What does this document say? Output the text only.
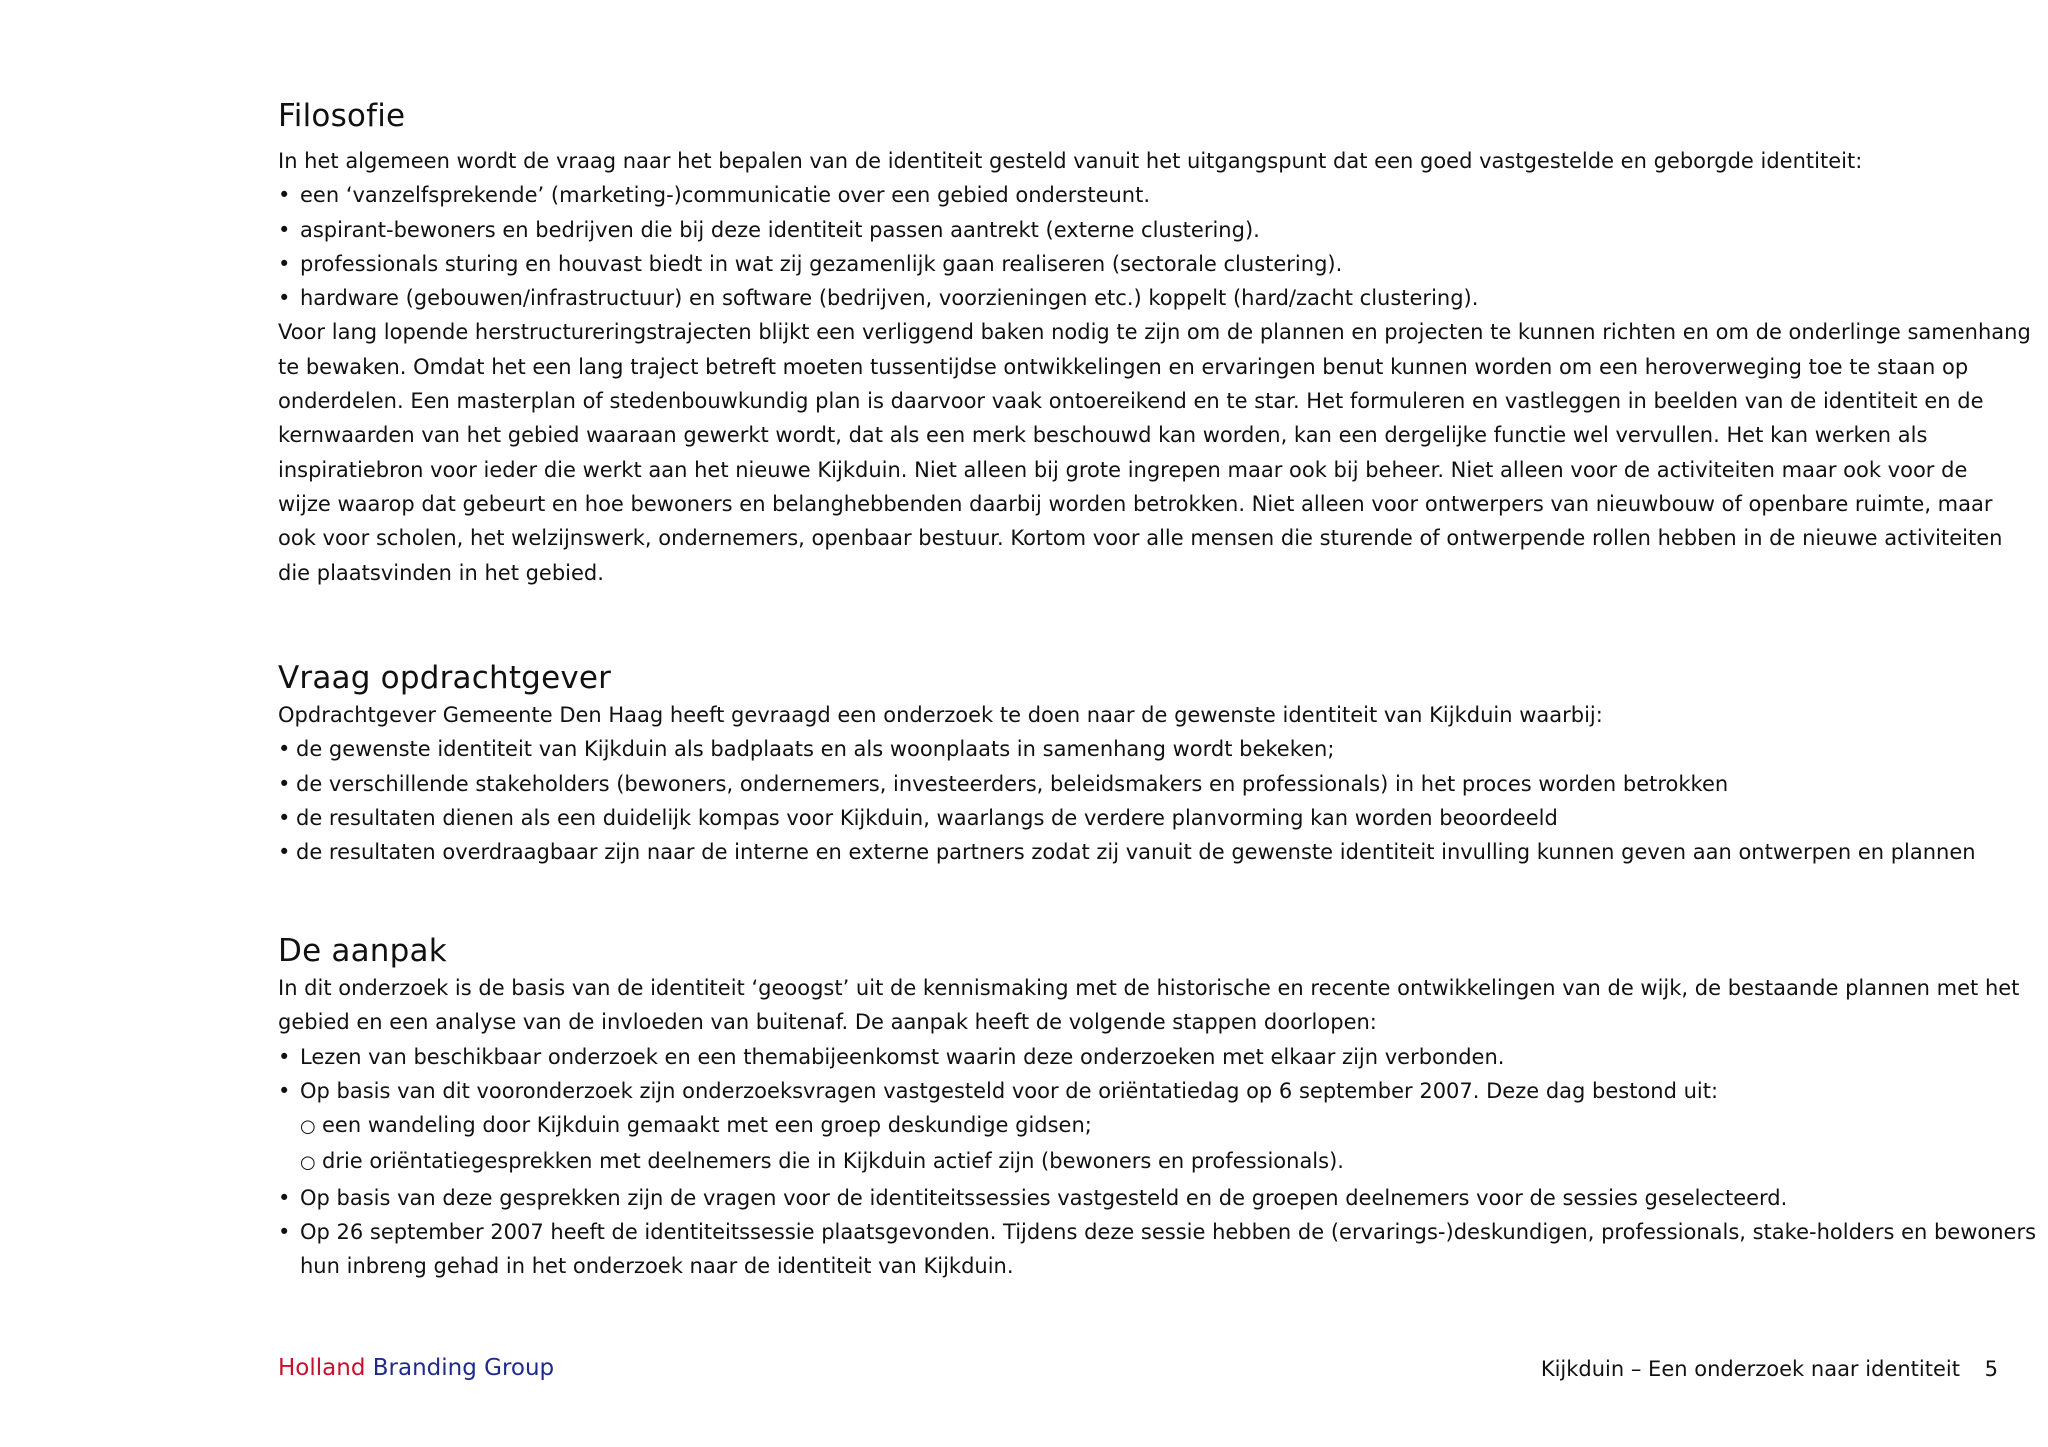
Filosofie

In het algemeen wordt de vraag naar het bepalen van de identiteit gesteld vanuit het uitgangspunt dat een goed vastgestelde en geborgde identiteit:

• een ‘vanzelfsprekende’ (marketing-)communicatie over een gebied ondersteunt.
• aspirant-bewoners en bedrijven die bij deze identiteit passen aantrekt (externe clustering).
• professionals sturing en houvast biedt in wat zij gezamenlijk gaan realiseren (sectorale clustering).
• hardware (gebouwen/infrastructuur) en software (bedrijven, voorzieningen etc.) koppelt (hard/zacht clustering).

Voor lang lopende herstructureringstrajecten blijkt een verliggend baken nodig te zijn om de plannen en projecten te kunnen richten en om de onderlinge samenhang

te bewaken. Omdat het een lang traject betreft moeten tussentijdse ontwikkelingen en ervaringen benut kunnen worden om een heroverweging toe te staan op

onderdelen. Een masterplan of stedenbouwkundig plan is daarvoor vaak ontoereikend en te star. Het formuleren en vastleggen in beelden van de identiteit en de

kernwaarden van het gebied waaraan gewerkt wordt, dat als een merk beschouwd kan worden, kan een dergelijke functie wel vervullen. Het kan werken als

inspiratiebron voor ieder die werkt aan het nieuwe Kijkduin. Niet alleen bij grote ingrepen maar ook bij beheer. Niet alleen voor de activiteiten maar ook voor de

wijze waarop dat gebeurt en hoe bewoners en belanghebbenden daarbij worden betrokken. Niet alleen voor ontwerpers van nieuwbouw of openbare ruimte, maar

ook voor scholen, het welzijnswerk, ondernemers, openbaar bestuur. Kortom voor alle mensen die sturende of ontwerpende rollen hebben in de nieuwe activiteiten

die plaatsvinden in het gebied.

Vraag opdrachtgever

Opdrachtgever Gemeente Den Haag heeft gevraagd een onderzoek te doen naar de gewenste identiteit van Kijkduin waarbij:

• de gewenste identiteit van Kijkduin als badplaats en als woonplaats in samenhang wordt bekeken;
• de verschillende stakeholders (bewoners, ondernemers, investeerders, beleidsmakers en professionals) in het proces worden betrokken
• de resultaten dienen als een duidelijk kompas voor Kijkduin, waarlangs de verdere planvorming kan worden beoordeeld
• de resultaten overdraagbaar zijn naar de interne en externe partners zodat zij vanuit de gewenste identiteit invulling kunnen geven aan ontwerpen en plannen
De aanpak

In dit onderzoek is de basis van de identiteit ‘geoogst’ uit de kennismaking met de historische en recente ontwikkelingen van de wijk, de bestaande plannen met het

gebied en een analyse van de invloeden van buitenaf. De aanpak heeft de volgende stappen doorlopen:

• Lezen van beschikbaar onderzoek en een themabijeenkomst waarin deze onderzoeken met elkaar zijn verbonden.
• Op basis van dit vooronderzoek zijn onderzoeksvragen vastgesteld voor de oriëntatiedag op 6 september 2007. Deze dag bestond uit:
○ een wandeling door Kijkduin gemaakt met een groep deskundige gidsen;
○ drie oriëntatiegesprekken met deelnemers die in Kijkduin actief zijn (bewoners en professionals).
• Op basis van deze gesprekken zijn de vragen voor de identiteitssessies vastgesteld en de groepen deelnemers voor de sessies geselecteerd.
• Op 26 september 2007 heeft de identiteitssessie plaatsgevonden. Tijdens deze sessie hebben de (ervarings-)deskundigen, professionals, stake-holders en bewoners

hun inbreng gehad in het onderzoek naar de identiteit van Kijkduin.

Holland Branding Group	Kijkduin – Een onderzoek naar identiteit 5
